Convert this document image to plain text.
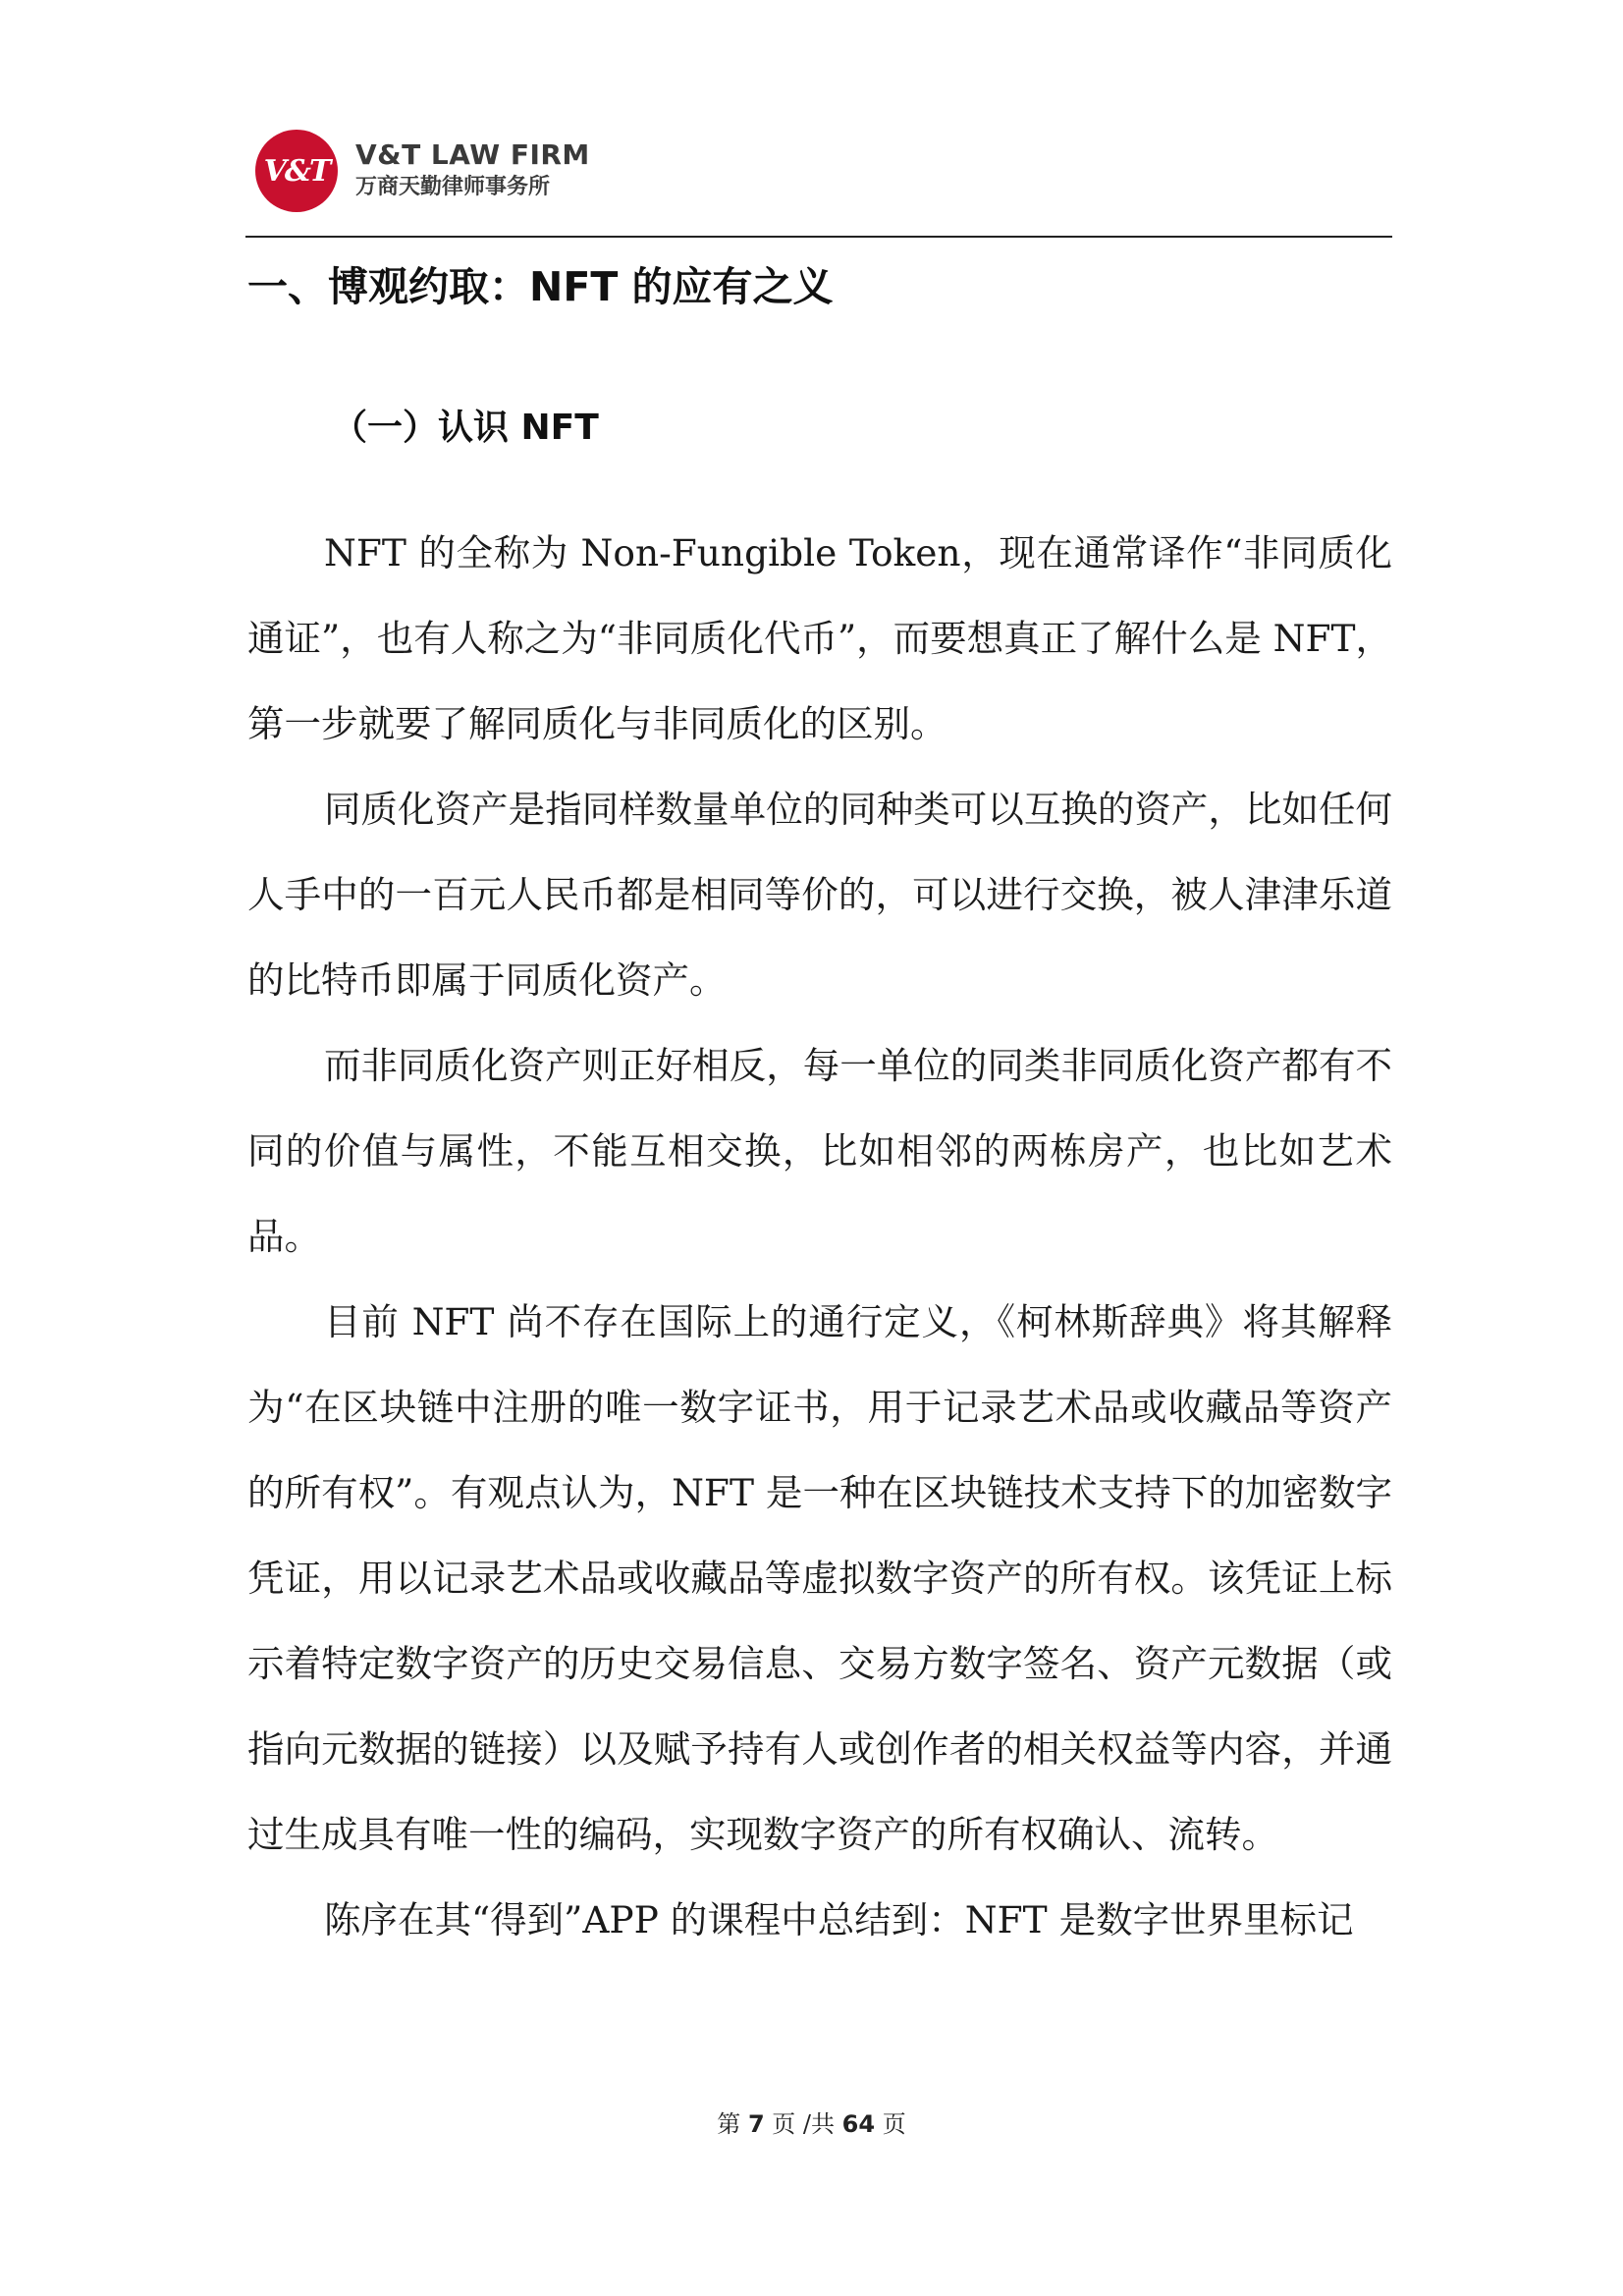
V&T V&T LAW FIRM
万商天勤律师事务所
一、博观约取：NFT 的应有之义
（一）认识 NFT

NFT 的全称为 Non-Fungible Token，现在通常译作“非同质化通证”，也有人称之为“非同质化代币”，而要想真正了解什么是 NFT，第一步就要了解同质化与非同质化的区别。

同质化资产是指同样数量单位的同种类可以互换的资产，比如任何人手中的一百元人民币都是相同等价的，可以进行交换，被人津津乐道的比特币即属于同质化资产。

而非同质化资产则正好相反，每一单位的同类非同质化资产都有不同的价值与属性，不能互相交换，比如相邻的两栋房产，也比如艺术品。

目前 NFT 尚不存在国际上的通行定义，《柯林斯辞典》将其解释为“在区块链中注册的唯一数字证书，用于记录艺术品或收藏品等资产的所有权”。有观点认为，NFT 是一种在区块链技术支持下的加密数字凭证，用以记录艺术品或收藏品等虚拟数字资产的所有权。该凭证上标示着特定数字资产的历史交易信息、交易方数字签名、资产元数据（或指向元数据的链接）以及赋予持有人或创作者的相关权益等内容，并通过生成具有唯一性的编码，实现数字资产的所有权确认、流转。

陈序在其“得到”APP 的课程中总结到：NFT 是数字世界里标记

第 7 页 /共 64 页
